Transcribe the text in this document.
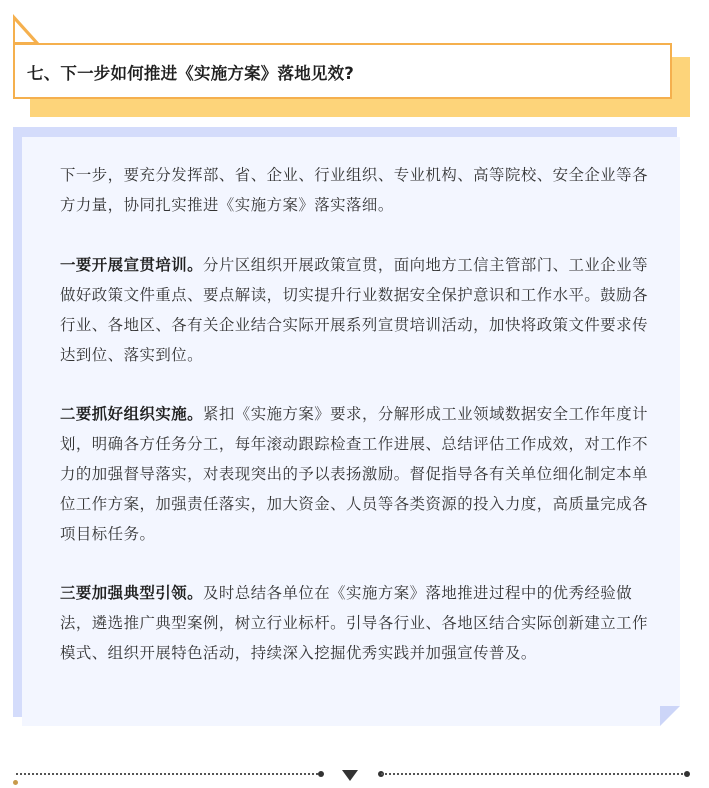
七、下一步如何推进《实施方案》落地见效?

下一步，要充分发挥部、省、企业、行业组织、专业机构、高等院校、安全企业等各方力量，协同扎实推进《实施方案》落实落细。

一要开展宣贯培训。分片区组织开展政策宣贯，面向地方工信主管部门、工业企业等做好政策文件重点、要点解读，切实提升行业数据安全保护意识和工作水平。鼓励各行业、各地区、各有关企业结合实际开展系列宣贯培训活动，加快将政策文件要求传达到位、落实到位。

二要抓好组织实施。紧扣《实施方案》要求，分解形成工业领域数据安全工作年度计划，明确各方任务分工，每年滚动跟踪检查工作进展、总结评估工作成效，对工作不力的加强督导落实，对表现突出的予以表扬激励。督促指导各有关单位细化制定本单位工作方案，加强责任落实，加大资金、人员等各类资源的投入力度，高质量完成各项目标任务。

三要加强典型引领。及时总结各单位在《实施方案》落地推进过程中的优秀经验做法，遴选推广典型案例，树立行业标杆。引导各行业、各地区结合实际创新建立工作模式、组织开展特色活动，持续深入挖掘优秀实践并加强宣传普及。
